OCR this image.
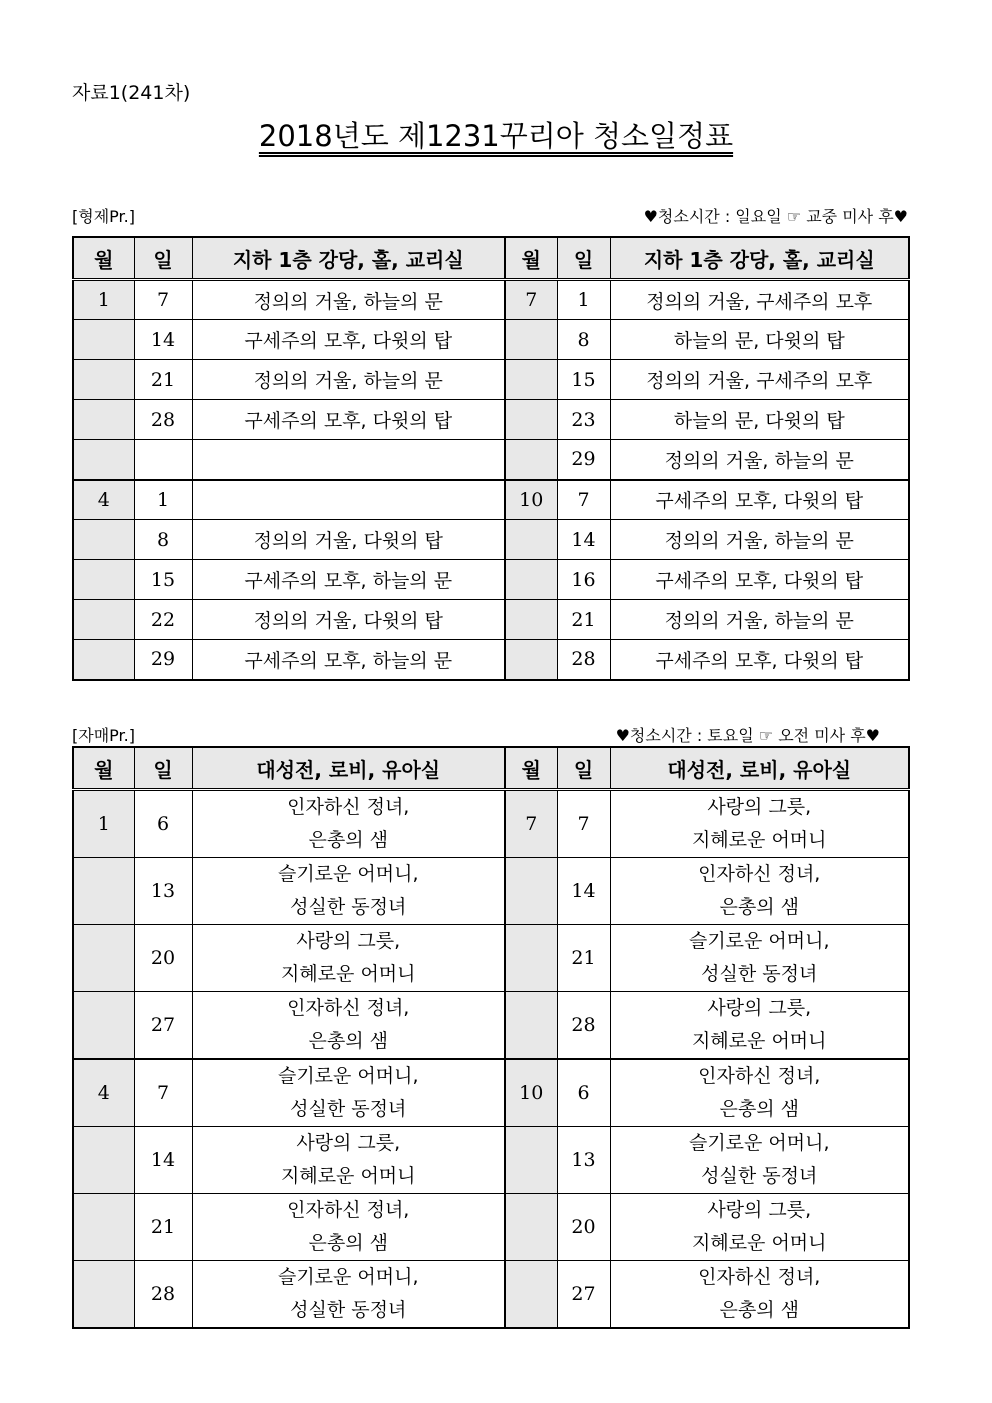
자료1(241차)
2018년도 제1231꾸리아 청소일정표
[형제Pr.]	♥청소시간 : 일요일 ☞ 교중 미사 후♥
월	일	지하 1층 강당, 홀, 교리실	월	일	지하 1층 강당, 홀, 교리실
1	7	정의의 거울, 하늘의 문	7	1	정의의 거울, 구세주의 모후
	14	구세주의 모후, 다윗의 탑		8	하늘의 문, 다윗의 탑
	21	정의의 거울, 하늘의 문		15	정의의 거울, 구세주의 모후
	28	구세주의 모후, 다윗의 탑		23	하늘의 문, 다윗의 탑
				29	정의의 거울, 하늘의 문
4	1		10	7	구세주의 모후, 다윗의 탑
	8	정의의 거울, 다윗의 탑		14	정의의 거울, 하늘의 문
	15	구세주의 모후, 하늘의 문		16	구세주의 모후, 다윗의 탑
	22	정의의 거울, 다윗의 탑		21	정의의 거울, 하늘의 문
	29	구세주의 모후, 하늘의 문		28	구세주의 모후, 다윗의 탑
[자매Pr.]	♥청소시간 : 토요일 ☞ 오전 미사 후♥
월	일	대성전, 로비, 유아실	월	일	대성전, 로비, 유아실
1	6	인자하신 정녀,
은총의 샘	7	7	사랑의 그릇,
지혜로운 어머니

	13	슬기로운 어머니,
성실한 동정녀		14	인자하신 정녀,
은총의 샘

	20	사랑의 그릇,
지혜로운 어머니		21	슬기로운 어머니,
성실한 동정녀

	27	인자하신 정녀,
은총의 샘		28	사랑의 그릇,
지혜로운 어머니

4	7	슬기로운 어머니,
성실한 동정녀	10	6	인자하신 정녀,
은총의 샘

	14	사랑의 그릇,
지혜로운 어머니		13	슬기로운 어머니,
성실한 동정녀

	21	인자하신 정녀,
은총의 샘		20	사랑의 그릇,
지혜로운 어머니

	28	슬기로운 어머니,
성실한 동정녀		27	인자하신 정녀,
은총의 샘
